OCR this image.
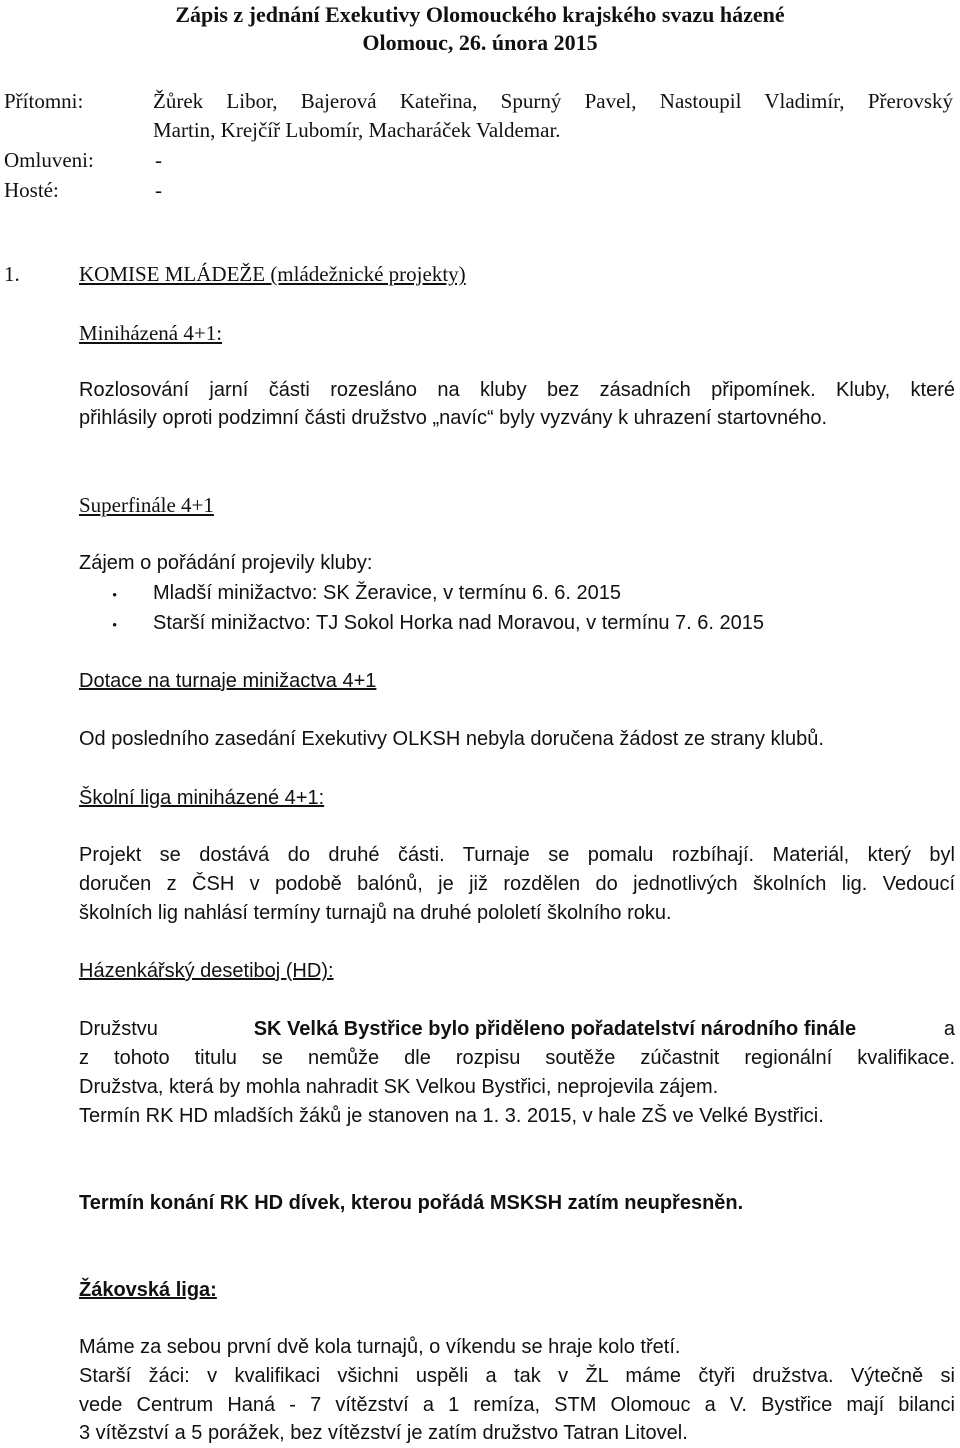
Zápis z jednání Exekutivy Olomouckého krajského svazu házené
Olomouc, 26. února 2015
Přítomni:	Žůrek Libor, Bajerová Kateřina, Spurný Pavel, Nastoupil Vladimír, Přerovský
Martin, Krejčíř Lubomír, Macharáček Valdemar.
Omluveni:	-
Hosté:	-
1.	KOMISE MLÁDEŽE (mládežnické projekty)
Miniházená 4+1:
Rozlosování jarní části rozesláno na kluby bez zásadních připomínek. Kluby, které
přihlásily oproti podzimní části družstvo „navíc“ byly vyzvány k uhrazení startovného.
Superfinále 4+1
Zájem o pořádání projevily kluby:
•	Mladší minižactvo: SK Žeravice, v termínu 6. 6. 2015
•	Starší minižactvo: TJ Sokol Horka nad Moravou, v termínu 7. 6. 2015
Dotace na turnaje minižactva 4+1
Od posledního zasedání Exekutivy OLKSH nebyla doručena žádost ze strany klubů.
Školní liga miniházené 4+1:
Projekt se dostává do druhé části. Turnaje se pomalu rozbíhají. Materiál, který byl
doručen z ČSH v podobě balónů, je již rozdělen do jednotlivých školních lig. Vedoucí
školních lig nahlásí termíny turnajů na druhé pololetí školního roku.
Házenkářský desetiboj (HD):
Družstvu	SK Velká Bystřice bylo přiděleno pořadatelství národního finále	a
z tohoto titulu se nemůže dle rozpisu soutěže zúčastnit regionální kvalifikace.
Družstva, která by mohla nahradit SK Velkou Bystřici, neprojevila zájem.
Termín RK HD mladších žáků je stanoven na 1. 3. 2015, v hale ZŠ ve Velké Bystřici.
Termín konání RK HD dívek, kterou pořádá MSKSH zatím neupřesněn.
Žákovská liga:
Máme za sebou první dvě kola turnajů, o víkendu se hraje kolo třetí.
Starší žáci: v kvalifikaci všichni uspěli a tak v ŽL máme čtyři družstva. Výtečně si
vede Centrum Haná - 7 vítězství a 1 remíza, STM Olomouc a V. Bystřice mají bilanci
3 vítězství a 5 porážek, bez vítězství je zatím družstvo Tatran Litovel.
